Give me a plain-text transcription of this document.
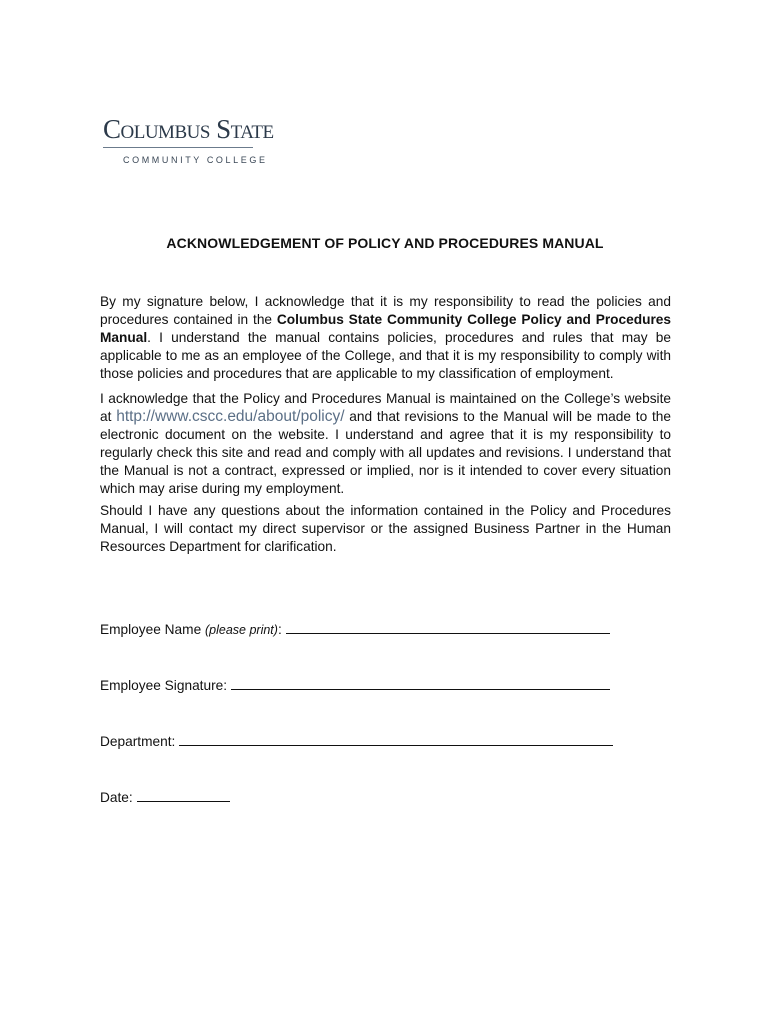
Columbus State
COMMUNITY COLLEGE
ACKNOWLEDGEMENT OF POLICY AND PROCEDURES MANUAL
By my signature below, I acknowledge that it is my responsibility to read the policies and procedures contained in the Columbus State Community College Policy and Procedures Manual. I understand the manual contains policies, procedures and rules that may be applicable to me as an employee of the College, and that it is my responsibility to comply with those policies and procedures that are applicable to my classification of employment.
I acknowledge that the Policy and Procedures Manual is maintained on the College’s website at http://www.cscc.edu/about/policy/ and that revisions to the Manual will be made to the electronic document on the website. I understand and agree that it is my responsibility to regularly check this site and read and comply with all updates and revisions. I understand that the Manual is not a contract, expressed or implied, nor is it intended to cover every situation which may arise during my employment.
Should I have any questions about the information contained in the Policy and Procedures Manual, I will contact my direct supervisor or the assigned Business Partner in the Human Resources Department for clarification.
Employee Name (please print):
Employee Signature:
Department:
Date:
